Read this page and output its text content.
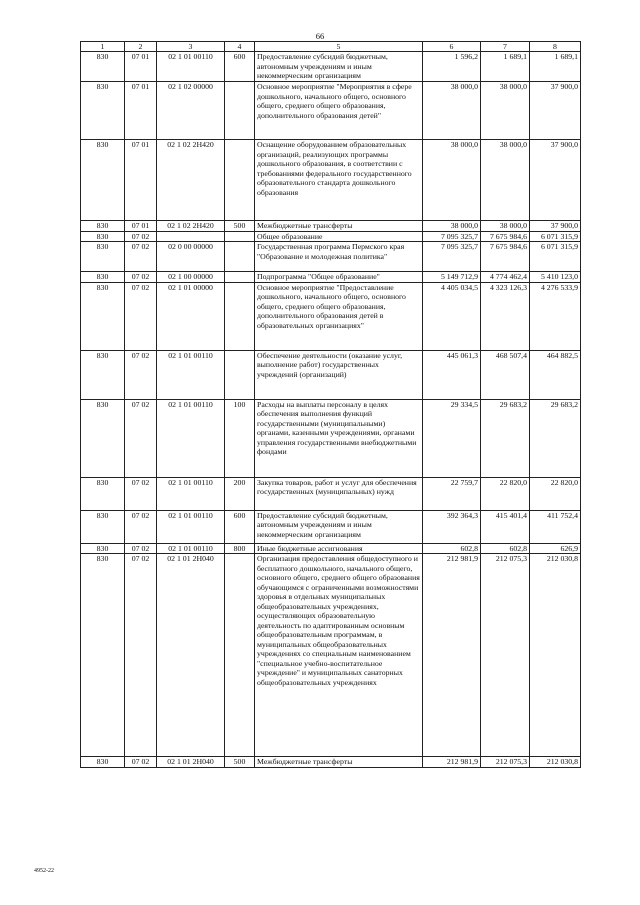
66
1	2	3	4	5	6	7	8
830	07 01	02 1 01 00110	600	Предоставление субсидий бюджетным, автономным учреждениям и иным некоммерческим организациям	1 596,2	1 689,1	1 689,1
830	07 01	02 1 02 00000		Основное мероприятие "Мероприятия в сфере дошкольного, начального общего, основного общего, среднего общего образования, дополнительного образования детей"	38 000,0	38 000,0	37 900,0
830	07 01	02 1 02 2Н420		Оснащение оборудованием образовательных организаций, реализующих программы дошкольного образования, в соответствии с требованиями федерального государственного образовательного стандарта дошкольного образования	38 000,0	38 000,0	37 900,0
830	07 01	02 1 02 2Н420	500	Межбюджетные трансферты	38 000,0	38 000,0	37 900,0
830	07 02			Общее образование	7 095 325,7	7 675 984,6	6 071 315,9
830	07 02	02 0 00 00000		Государственная программа Пермского края "Образование и молодежная политика"	7 095 325,7	7 675 984,6	6 071 315,9
830	07 02	02 1 00 00000		Подпрограмма "Общее образование"	5 149 712,9	4 774 462,4	5 410 123,0
830	07 02	02 1 01 00000		Основное мероприятие "Предоставление дошкольного, начального общего, основного общего, среднего общего образования, дополнительного образования детей в образовательных организациях"	4 405 034,5	4 323 126,3	4 276 533,9
830	07 02	02 1 01 00110		Обеспечение деятельности (оказание услуг, выполнение работ) государственных учреждений (организаций)	445 061,3	468 507,4	464 882,5
830	07 02	02 1 01 00110	100	Расходы на выплаты персоналу в целях обеспечения выполнения функций государственными (муниципальными) органами, казенными учреждениями, органами управления государственными внебюджетными фондами	29 334,5	29 683,2	29 683,2
830	07 02	02 1 01 00110	200	Закупка товаров, работ и услуг для обеспечения государственных (муниципальных) нужд	22 759,7	22 820,0	22 820,0
830	07 02	02 1 01 00110	600	Предоставление субсидий бюджетным, автономным учреждениям и иным некоммерческим организациям	392 364,3	415 401,4	411 752,4
830	07 02	02 1 01 00110	800	Иные бюджетные ассигнования	602,8	602,8	626,9
830	07 02	02 1 01 2Н040		Организация предоставления общедоступного и бесплатного дошкольного, начального общего, основного общего, среднего общего образования обучающимся с ограниченными возможностями здоровья в отдельных муниципальных общеобразовательных учреждениях, осуществляющих образовательную деятельность по адаптированным основным общеобразовательным программам, в муниципальных общеобразовательных учреждениях со специальным наименованием "специальное учебно-воспитательное учреждение" и муниципальных санаторных общеобразовательных учреждениях	212 981,9	212 075,3	212 030,8
830	07 02	02 1 01 2Н040	500	Межбюджетные трансферты	212 981,9	212 075,3	212 030,8
4952-22
